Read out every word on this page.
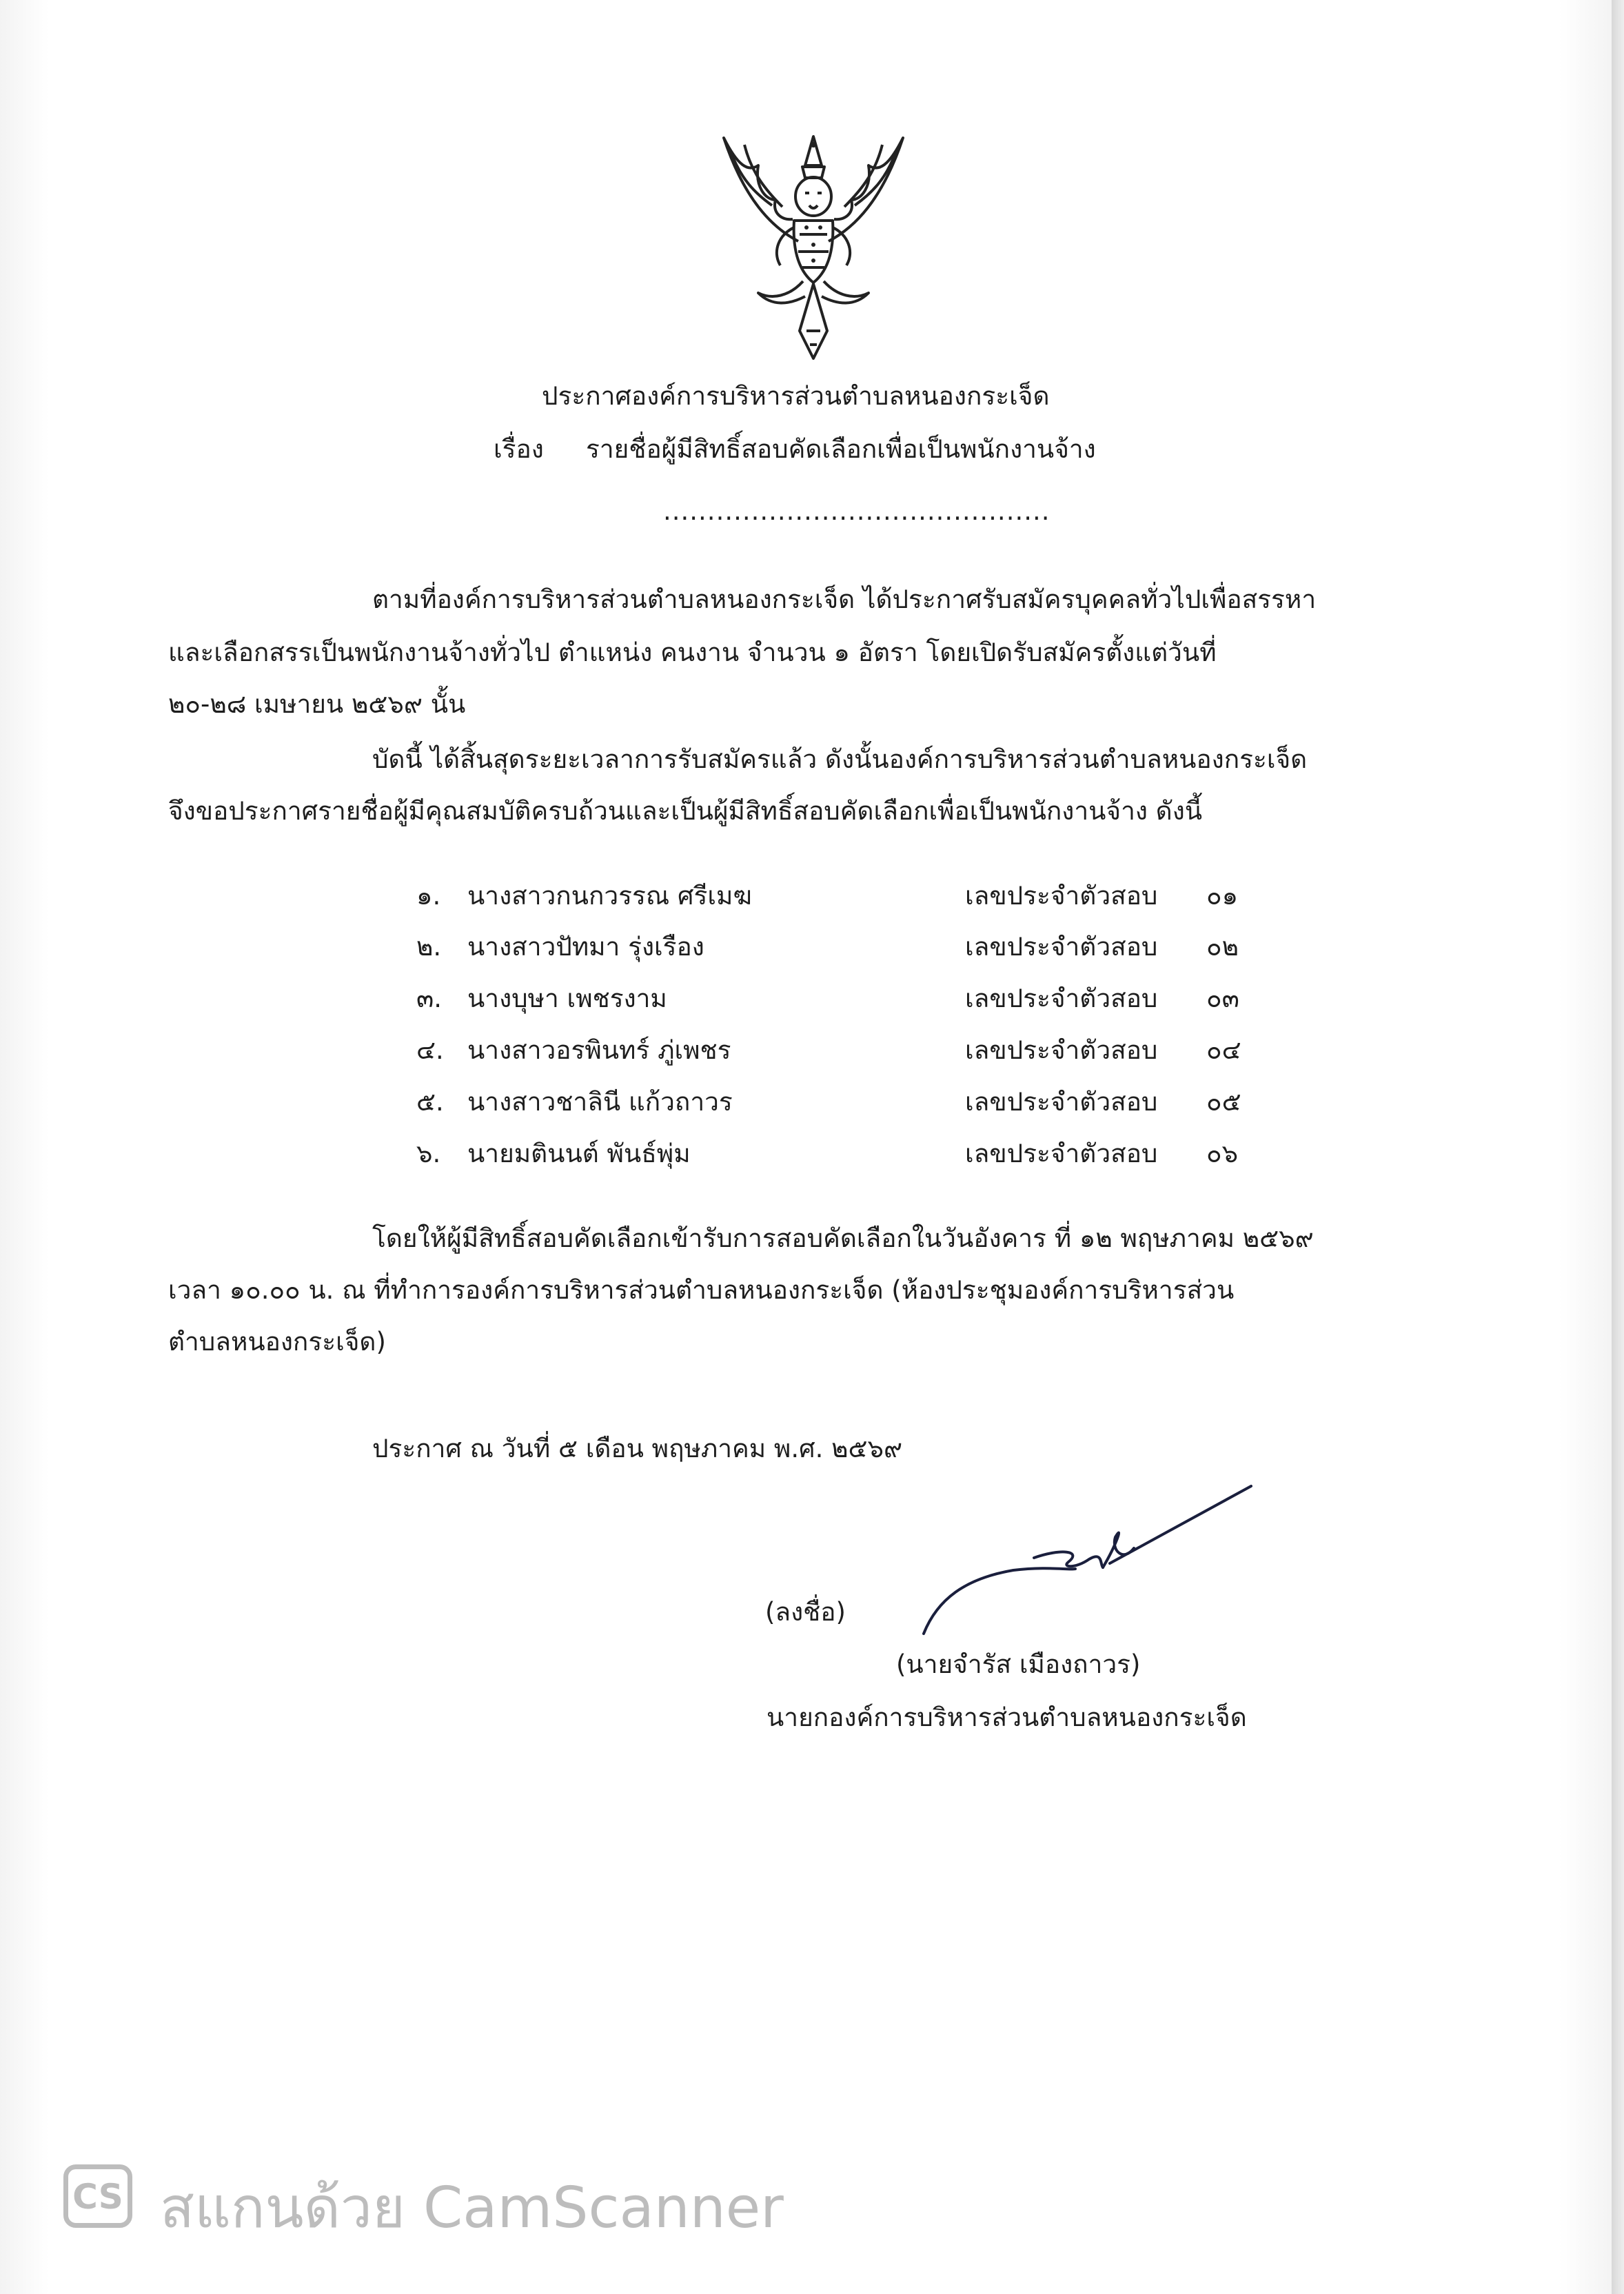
ประกาศองค์การบริหารส่วนตำบลหนองกระเจ็ด
เรื่อง รายชื่อผู้มีสิทธิ์สอบคัดเลือกเพื่อเป็นพนักงานจ้าง
............................................
ตามที่องค์การบริหารส่วนตำบลหนองกระเจ็ด ได้ประกาศรับสมัครบุคคลทั่วไปเพื่อสรรหา
และเลือกสรรเป็นพนักงานจ้างทั่วไป ตำแหน่ง คนงาน จำนวน ๑ อัตรา โดยเปิดรับสมัครตั้งแต่วันที่
๒๐-๒๘ เมษายน ๒๕๖๙ นั้น
บัดนี้ ได้สิ้นสุดระยะเวลาการรับสมัครแล้ว ดังนั้นองค์การบริหารส่วนตำบลหนองกระเจ็ด
จึงขอประกาศรายชื่อผู้มีคุณสมบัติครบถ้วนและเป็นผู้มีสิทธิ์สอบคัดเลือกเพื่อเป็นพนักงานจ้าง ดังนี้
๑. นางสาวกนกวรรณ ศรีเมฆ	เลขประจำตัวสอบ ๐๑
๒. นางสาวปัทมา รุ่งเรือง	เลขประจำตัวสอบ ๐๒
๓. นางบุษา เพชรงาม	เลขประจำตัวสอบ ๐๓
๔. นางสาวอรพินทร์ ภู่เพชร	เลขประจำตัวสอบ ๐๔
๕. นางสาวชาลินี แก้วถาวร	เลขประจำตัวสอบ ๐๕
๖. นายมตินนต์ พันธ์พุ่ม	เลขประจำตัวสอบ ๐๖
โดยให้ผู้มีสิทธิ์สอบคัดเลือกเข้ารับการสอบคัดเลือกในวันอังคาร ที่ ๑๒ พฤษภาคม ๒๕๖๙
เวลา ๑๐.๐๐ น. ณ ที่ทำการองค์การบริหารส่วนตำบลหนองกระเจ็ด (ห้องประชุมองค์การบริหารส่วน
ตำบลหนองกระเจ็ด)
ประกาศ ณ วันที่ ๕ เดือน พฤษภาคม พ.ศ. ๒๕๖๙
(ลงชื่อ)
(นายจำรัส เมืองถาวร)
นายกองค์การบริหารส่วนตำบลหนองกระเจ็ด
CS สแกนด้วย CamScanner
